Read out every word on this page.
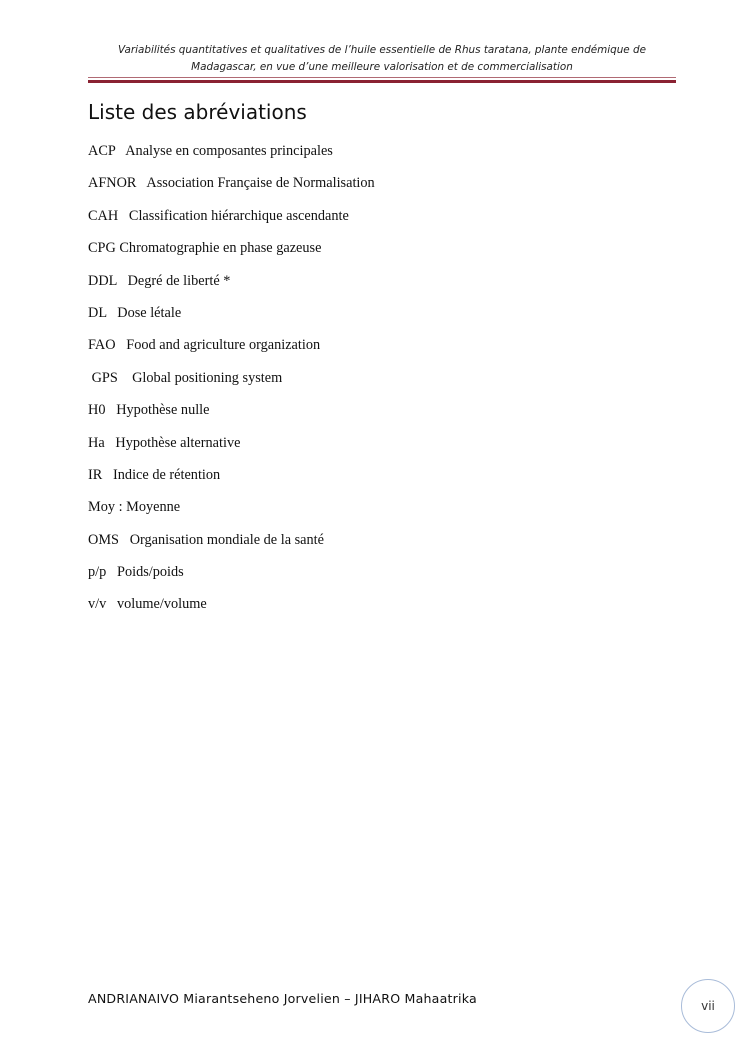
Variabilités quantitatives et qualitatives de l’huile essentielle de Rhus taratana, plante endémique de
Madagascar, en vue d’une meilleure valorisation et de commercialisation
Liste des abréviations
ACP   Analyse en composantes principales
AFNOR   Association Française de Normalisation
CAH   Classification hiérarchique ascendante
CPG Chromatographie en phase gazeuse
DDL   Degré de liberté *
DL   Dose létale
FAO   Food and agriculture organization
GPS    Global positioning system
H0   Hypothèse nulle
Ha   Hypothèse alternative
IR   Indice de rétention
Moy : Moyenne
OMS   Organisation mondiale de la santé
p/p   Poids/poids
v/v   volume/volume
ANDRIANAIVO Miarantseheno Jorvelien – JIHARO Mahaatrika	vii
